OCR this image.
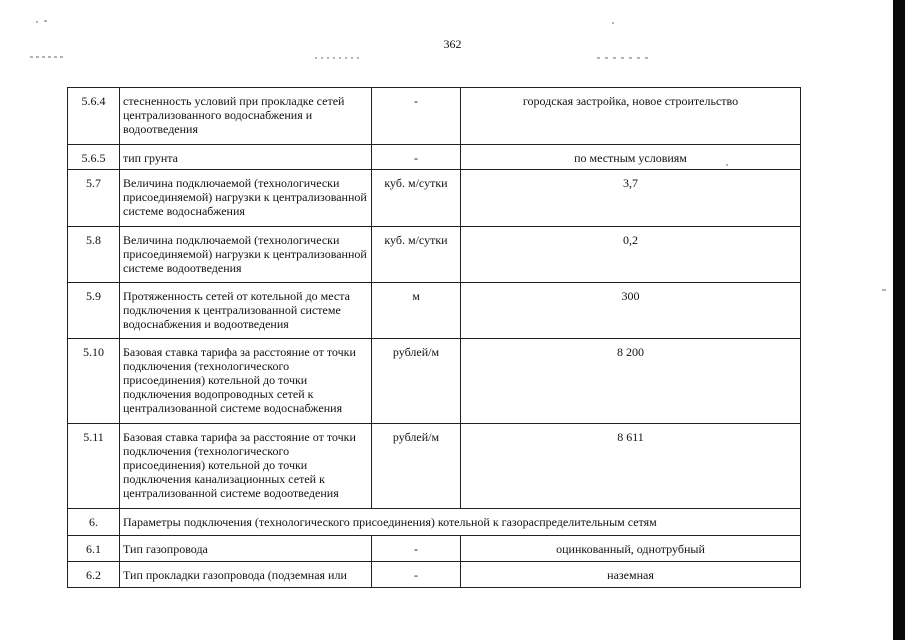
362
5.6.4	стесненность условий при прокладке сетей централизованного водоснабжения и водоотведения	-	городская застройка, новое строительство
5.6.5	тип грунта	-	по местным условиям
5.7	Величина подключаемой (технологически присоединяемой) нагрузки к централизованной системе водоснабжения	куб. м/сутки	3,7
5.8	Величина подключаемой (технологически присоединяемой) нагрузки к централизованной системе водоотведения	куб. м/сутки	0,2
5.9	Протяженность сетей от котельной до места подключения к централизованной системе водоснабжения и водоотведения	м	300
5.10	Базовая ставка тарифа за расстояние от точки подключения (технологического присоединения) котельной до точки подключения водопроводных сетей к централизованной системе водоснабжения	рублей/м	8 200
5.11	Базовая ставка тарифа за расстояние от точки подключения (технологического присоединения) котельной до точки подключения канализационных сетей к централизованной системе водоотведения	рублей/м	8 611
6.	Параметры подключения (технологического присоединения) котельной к газораспределительным сетям		
6.1	Тип газопровода	-	оцинкованный, однотрубный
6.2	Тип прокладки газопровода (подземная или	-	наземная
